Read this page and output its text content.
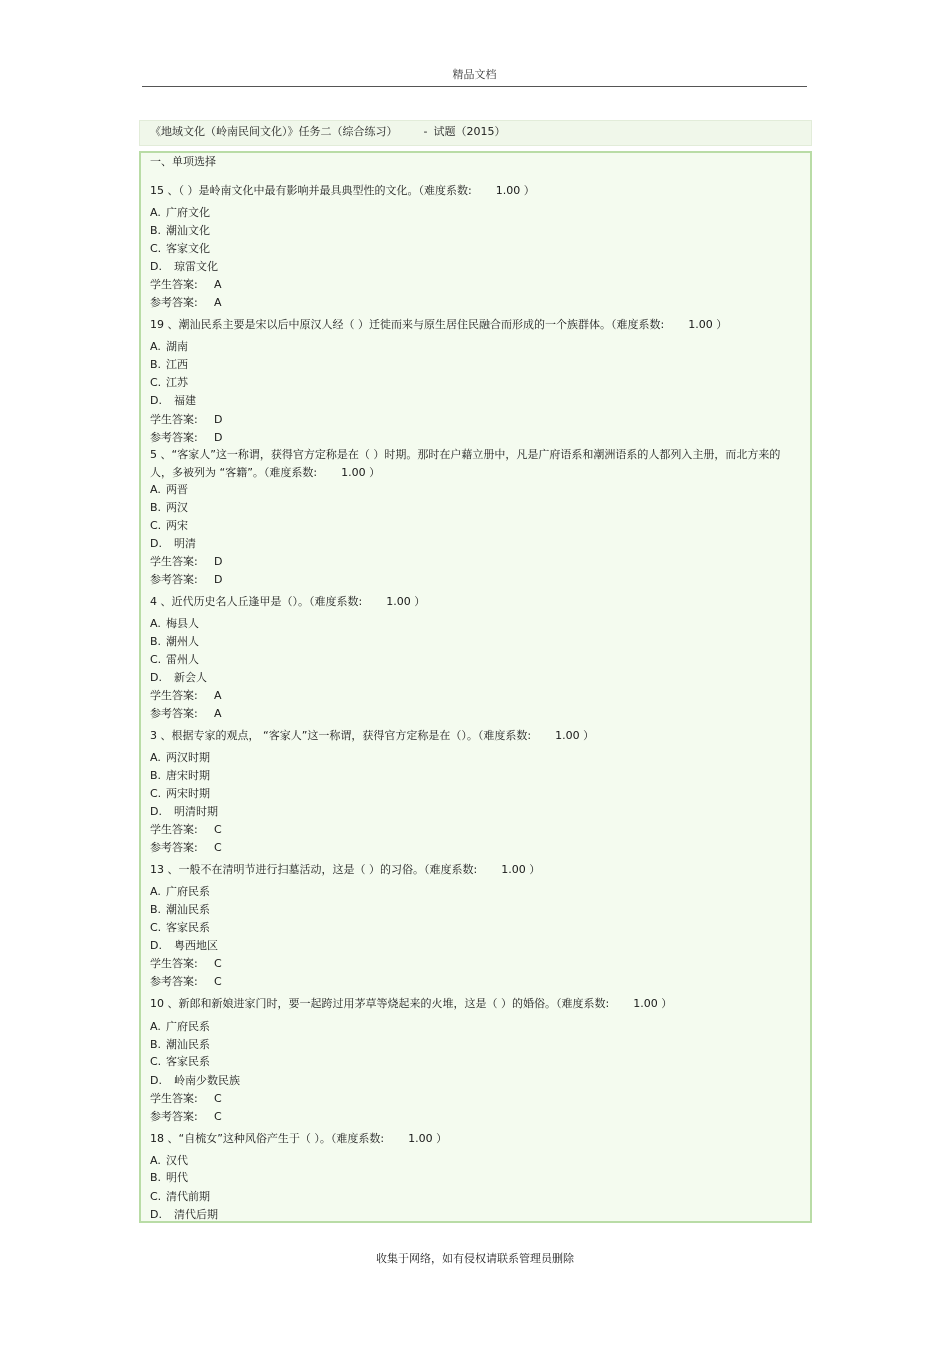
精品文档
《地域文化（岭南民间文化）》任务二（综合练习） - 试题（2015）
一、单项选择
15 、（ ）是岭南文化中最有影响并最具典型性的文化。（难度系数: 1.00 ）
A. 广府文化
B. 潮汕文化
C. 客家文化
D. 琼雷文化
学生答案: A
参考答案: A
19 、潮汕民系主要是宋以后中原汉人经（ ）迁徙而来与原生居住民融合而形成的一个族群体。（难度系数: 1.00 ）
A. 湖南
B. 江西
C. 江苏
D. 福建
学生答案: D
参考答案: D
5 、“客家人”这一称谓，获得官方定称是在（ ）时期。那时在户藉立册中，凡是广府语系和潮洲语系的人都列入主册，而北方来的人，多被列为 “客籍”。（难度系数: 1.00 ）
A. 两晋
B. 两汉
C. 两宋
D. 明清
学生答案: D
参考答案: D
4 、近代历史名人丘逢甲是（）。（难度系数: 1.00 ）
A. 梅县人
B. 潮州人
C. 雷州人
D. 新会人
学生答案: A
参考答案: A
3 、根据专家的观点， “客家人”这一称谓，获得官方定称是在（）。（难度系数: 1.00 ）
A. 两汉时期
B. 唐宋时期
C. 两宋时期
D. 明清时期
学生答案: C
参考答案: C
13 、一般不在清明节进行扫墓活动，这是（ ）的习俗。（难度系数: 1.00 ）
A. 广府民系
B. 潮汕民系
C. 客家民系
D. 粤西地区
学生答案: C
参考答案: C
10 、新郎和新娘进家门时，要一起跨过用茅草等烧起来的火堆，这是（ ）的婚俗。（难度系数: 1.00 ）
A. 广府民系
B. 潮汕民系
C. 客家民系
D. 岭南少数民族
学生答案: C
参考答案: C
18 、“自梳女”这种风俗产生于（ ）。（难度系数: 1.00 ）
A. 汉代
B. 明代
C. 清代前期
D. 清代后期
收集于网络，如有侵权请联系管理员删除
